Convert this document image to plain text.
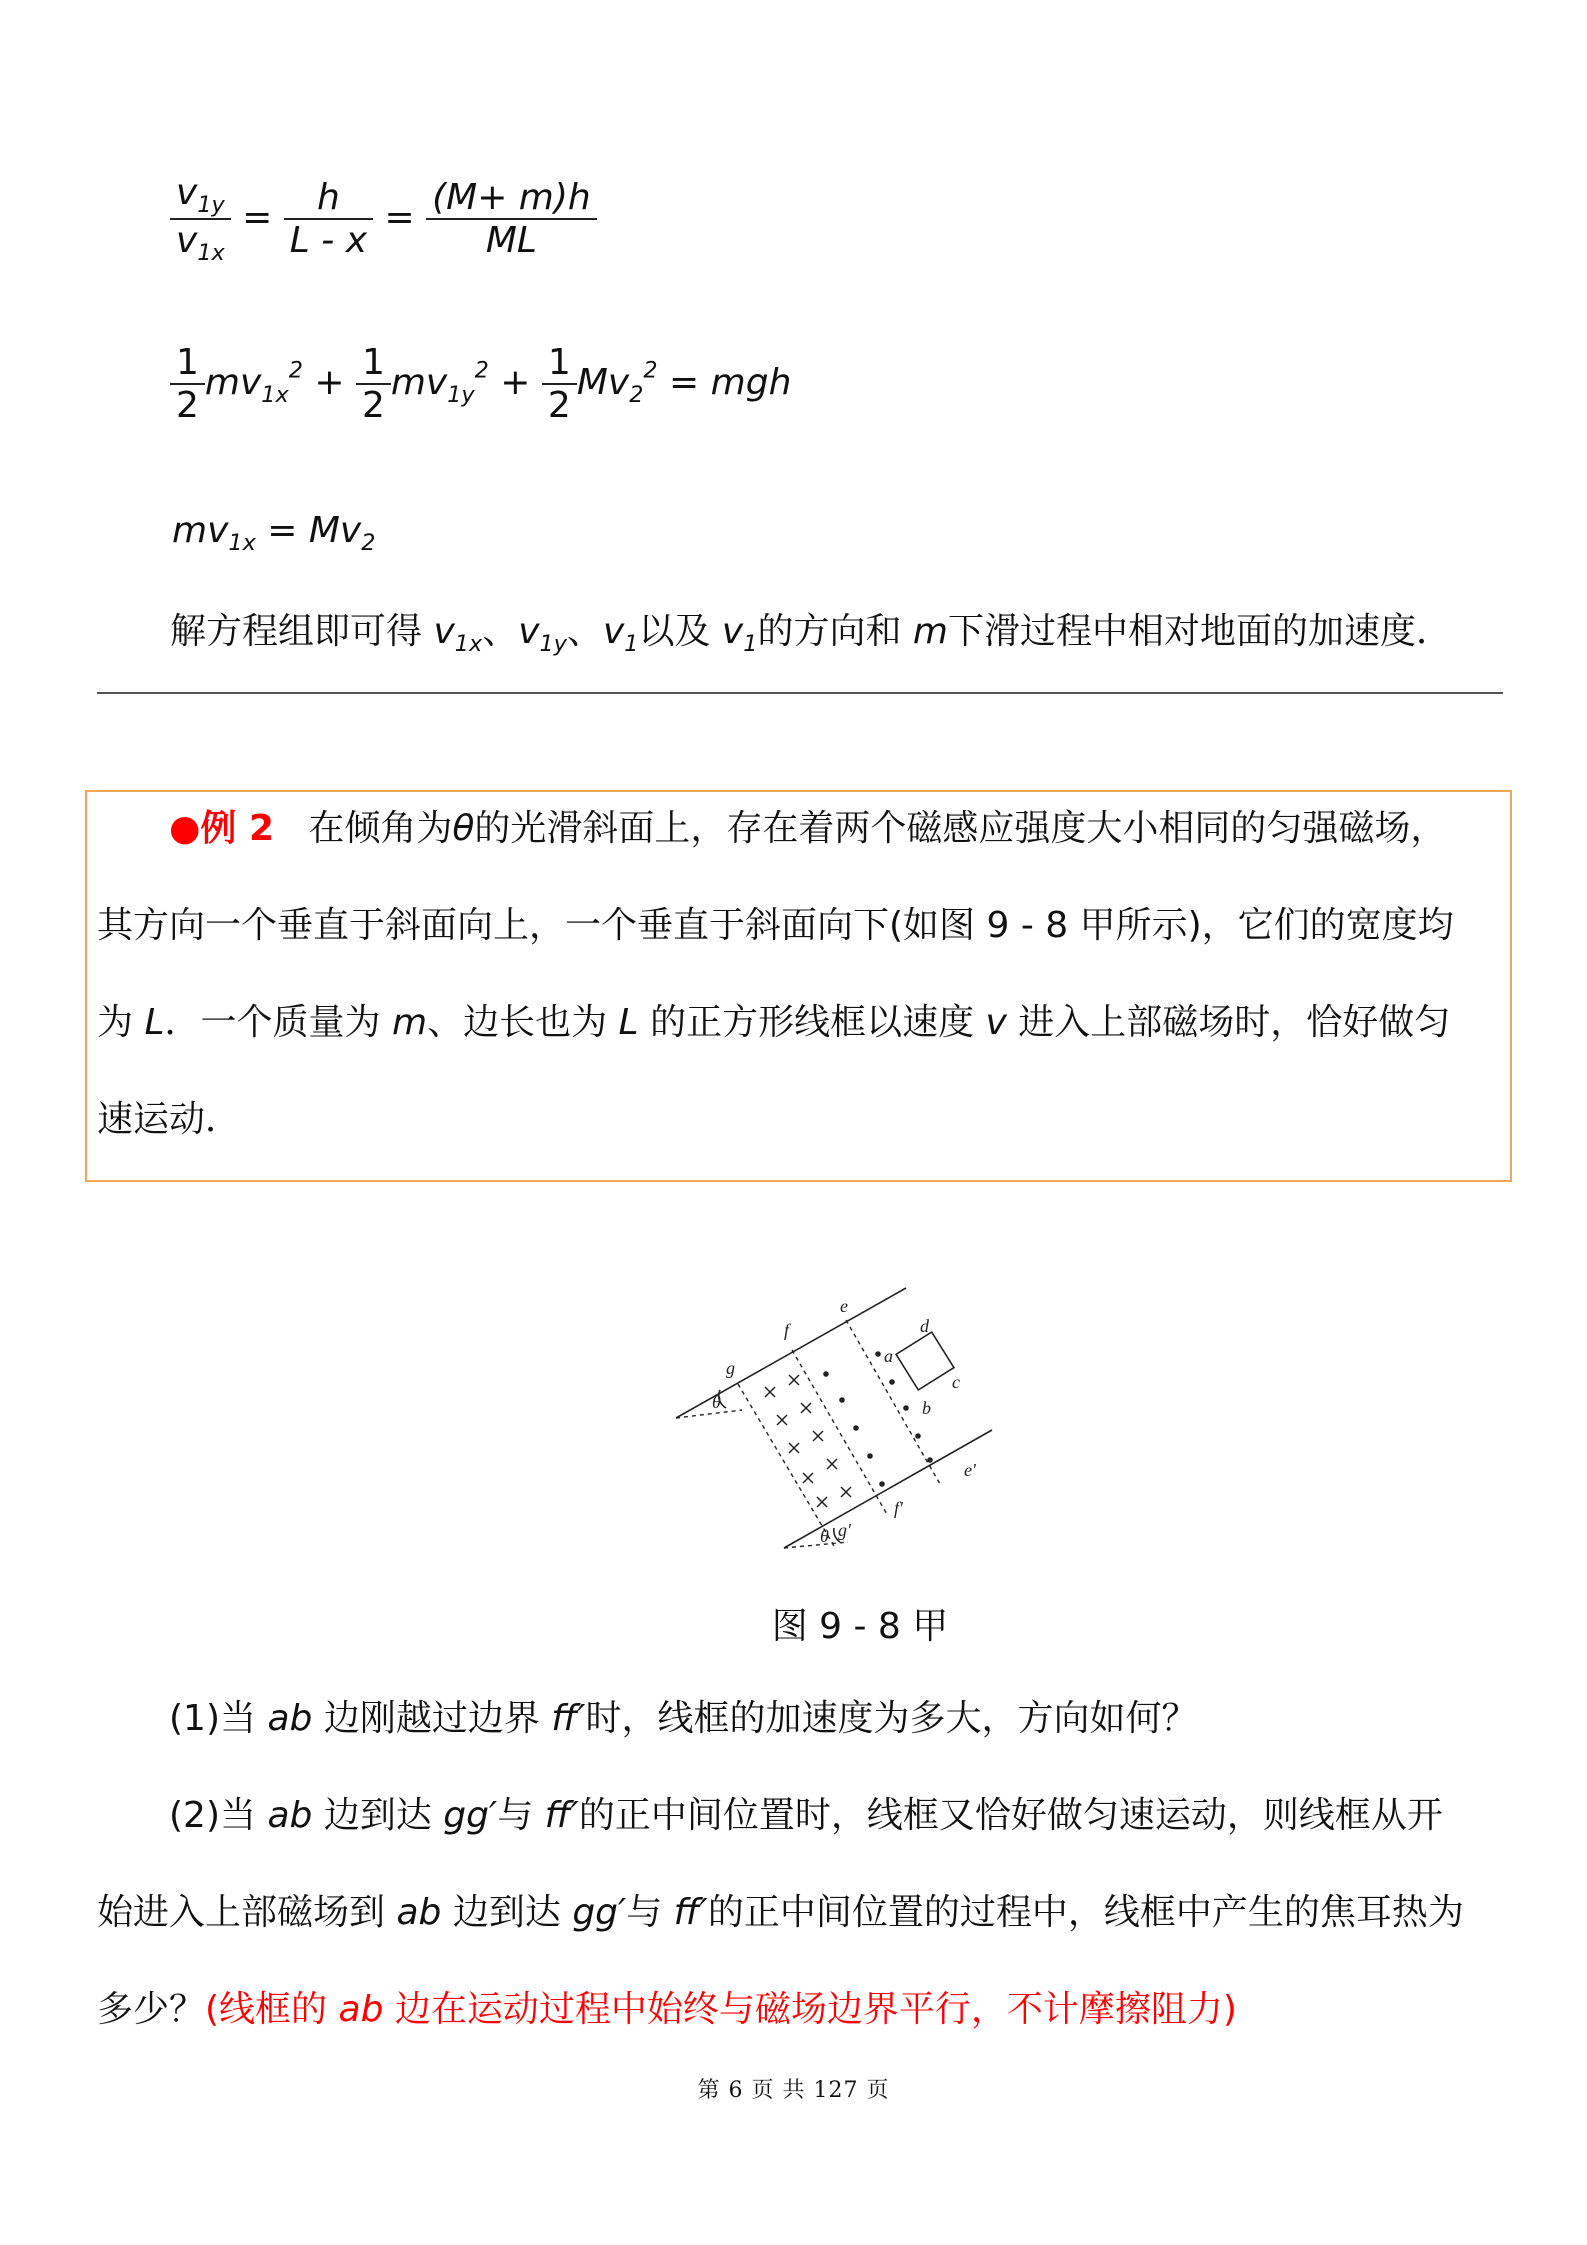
$\frac{v_{1y}}{v_{1x}} = \frac{h}{L - x} = \frac{(M+ m)h}{ML}$
$\frac{1}{2} mv_{1x}^2 + \frac{1}{2} mv_{1y}^2 + \frac{1}{2} Mv_2^2$ = mgh
$mv_{1x} = Mv_2$
解方程组即可得 $v_{1x}$、$v_{1y}$、$v_1$以及 $v_1$的方向和 m下滑过程中相对地面的加速度．
●例 2 在倾角为θ的光滑斜面上，存在着两个磁感应强度大小相同的匀强磁场，
其方向一个垂直于斜面向上，一个垂直于斜面向下(如图 9 - 8 甲所示)，它们的宽度均
为 L．一个质量为 m、边长也为 L 的正方形线框以速度 v 进入上部磁场时，恰好做匀
速运动．
e
f
g
d
a
c
b
θ
e′
f′
g′
θ
图 9 - 8 甲
(1)当 ab 边刚越过边界 ff′时，线框的加速度为多大，方向如何？
(2)当 ab 边到达 gg′与 ff′的正中间位置时，线框又恰好做匀速运动，则线框从开
始进入上部磁场到 ab 边到达 gg′与 ff′的正中间位置的过程中，线框中产生的焦耳热为
多少？(线框的 ab 边在运动过程中始终与磁场边界平行，不计摩擦阻力)
第 6 页 共 127 页
